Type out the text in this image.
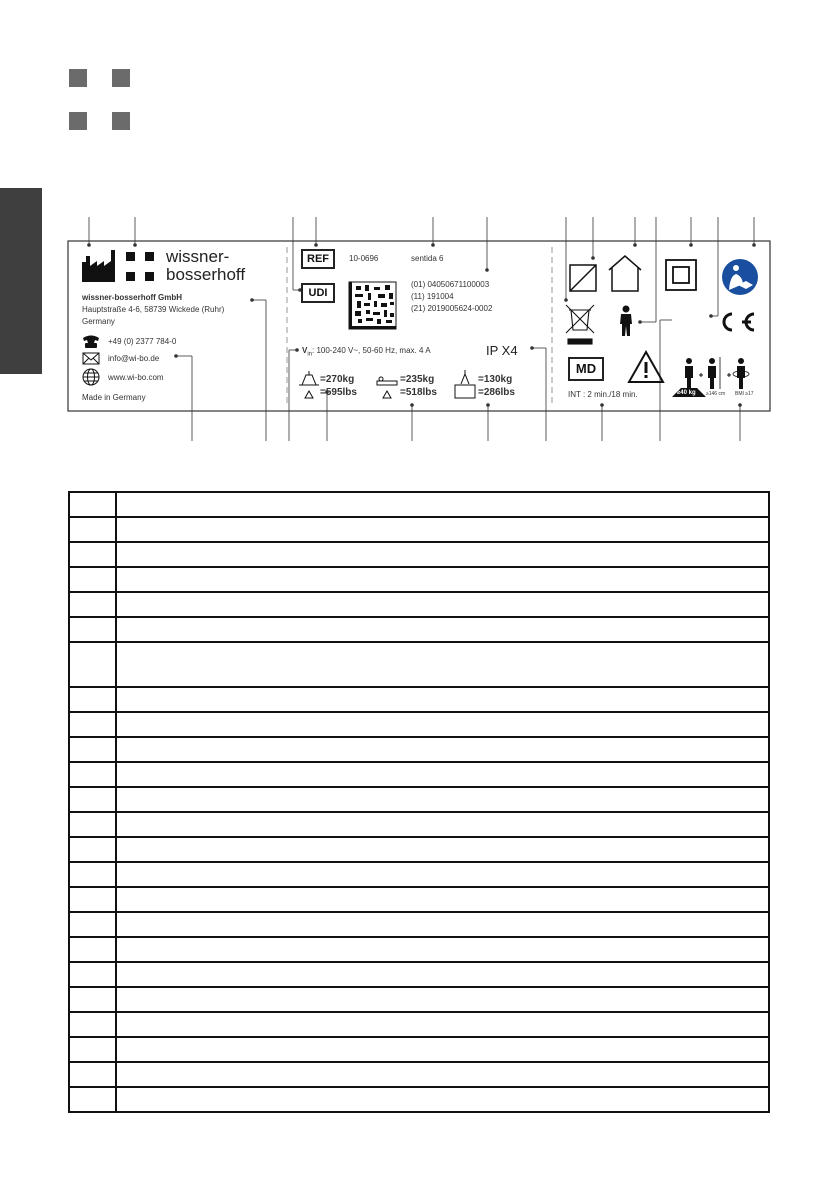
wissner-
bosserhoff
wissner-bosserhoff GmbH
Hauptstraße 4-6, 58739 Wickede (Ruhr)
Germany
+49 (0) 2377 784-0
info@wi-bo.de
www.wi-bo.com
Made in Germany
REF	10-0696	sentida 6
UDI
(01) 04050671100003
(11) 191004
(21) 2019005624-0002
$V_{in}$: 100-240 V~, 50-60 Hz, max. 4 A	IP X4
=270kg
=595lbs
=235kg
=518lbs
=130kg
=286lbs
MD
INT : 2 min./18 min.	≥40 kg ≥146 cm BMI ≥17
